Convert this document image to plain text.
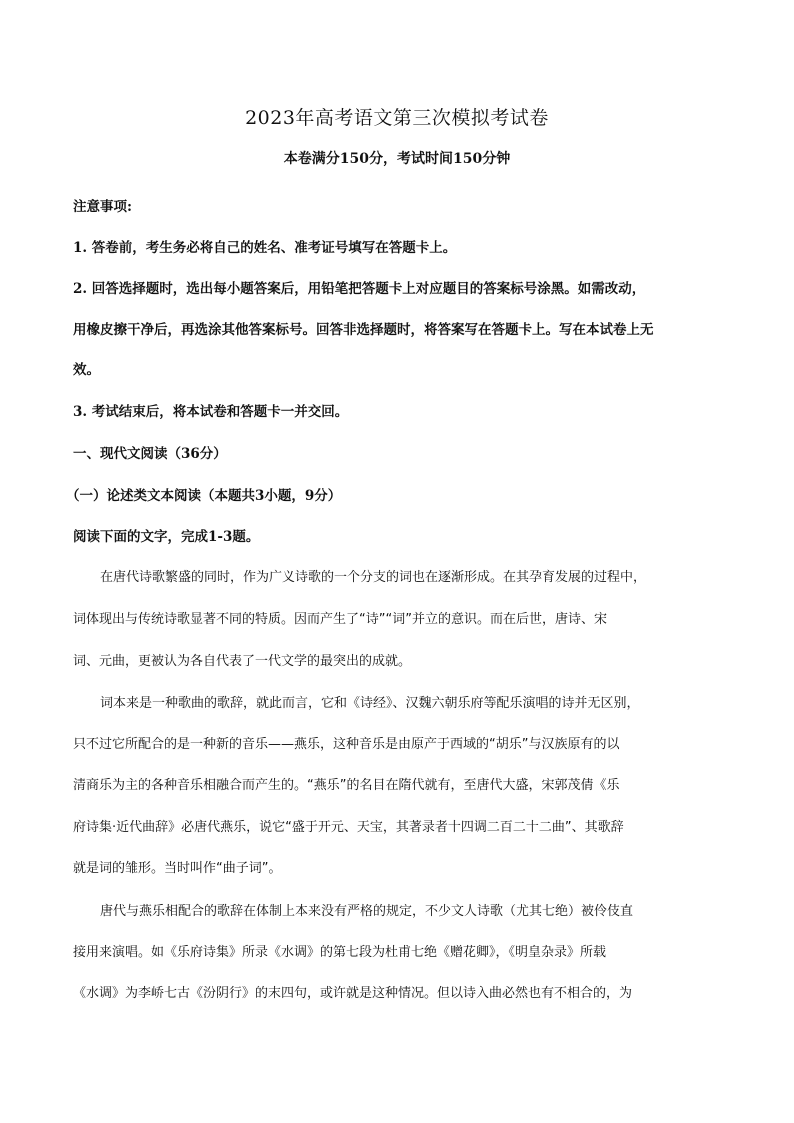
2023年高考语文第三次模拟考试卷
本卷满分150分，考试时间150分钟
注意事项:
1. 答卷前，考生务必将自己的姓名、准考证号填写在答题卡上。
2. 回答选择题时，选出每小题答案后，用铅笔把答题卡上对应题目的答案标号涂黑。如需改动，
用橡皮擦干净后，再选涂其他答案标号。回答非选择题时，将答案写在答题卡上。写在本试卷上无
效。
3. 考试结束后，将本试卷和答题卡一并交回。
一、现代文阅读（36分）
（一）论述类文本阅读（本题共3小题，9分）
阅读下面的文字，完成1-3题。
在唐代诗歌繁盛的同时，作为广义诗歌的一个分支的词也在逐渐形成。在其孕育发展的过程中，
词体现出与传统诗歌显著不同的特质。因而产生了“诗”“词”并立的意识。而在后世，唐诗、宋
词、元曲，更被认为各自代表了一代文学的最突出的成就。
词本来是一种歌曲的歌辞，就此而言，它和《诗经》、汉魏六朝乐府等配乐演唱的诗并无区别，
只不过它所配合的是一种新的音乐——燕乐，这种音乐是由原产于西域的“胡乐”与汉族原有的以
清商乐为主的各种音乐相融合而产生的。“燕乐”的名目在隋代就有，至唐代大盛，宋郭茂倩《乐
府诗集·近代曲辞》必唐代燕乐，说它“盛于开元、天宝，其著录者十四调二百二十二曲”、其歌辞
就是词的雏形。当时叫作“曲子词”。
唐代与燕乐相配合的歌辞在体制上本来没有严格的规定，不少文人诗歌（尤其七绝）被伶伎直
接用来演唱。如《乐府诗集》所录《水调》的第七段为杜甫七绝《赠花卿》，《明皇杂录》所载
《水调》为李峤七古《汾阴行》的末四句，或许就是这种情况。但以诗入曲必然也有不相合的，为
